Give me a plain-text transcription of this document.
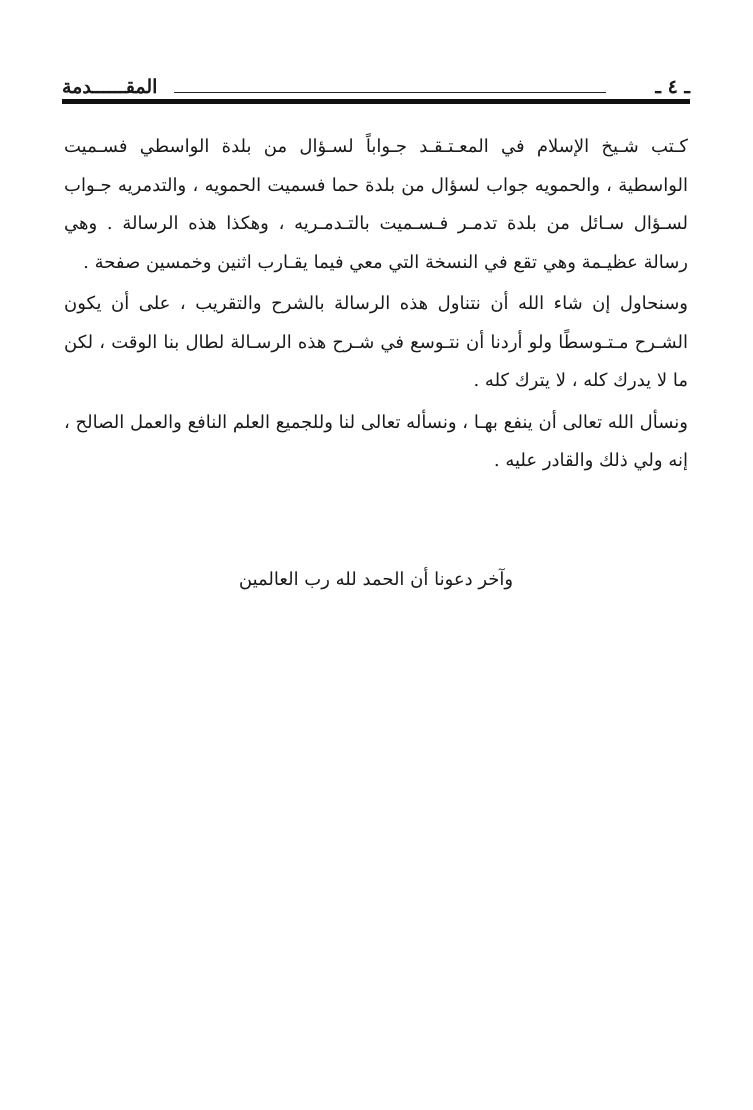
ـ ٤ ـ
المقــــــدمة

كـتب شـيخ الإسلام في المعـتـقـد جـواباً لسـؤال من بلدة الواسطي فسـميت الواسطية ، والحمويه جواب لسؤال من بلدة حما فسميت الحمويه ، والتدمريه جـواب لسـؤال سـائل من بلدة تدمـر فـسـميت بالتـدمـريه ، وهكذا هذه الرسالة . وهي رسالة عظيـمة وهي تقع في النسخة التي معي فيما يقـارب اثنين وخمسين صفحة .

وسنحاول إن شاء الله أن نتناول هذه الرسالة بالشرح والتقريب ، على أن يكون الشـرح مـتـوسطًا ولو أردنا أن نتـوسع في شـرح هذه الرسـالة لطال بنا الوقت ، لكن ما لا يدرك كله ، لا يترك كله .

ونسأل الله تعالى أن ينفع بهـا ، ونسأله تعالى لنا وللجميع العلم النافع والعمل الصالح ، إنه ولي ذلك والقادر عليه .

وآخر دعونا أن الحمد لله رب العالمين
